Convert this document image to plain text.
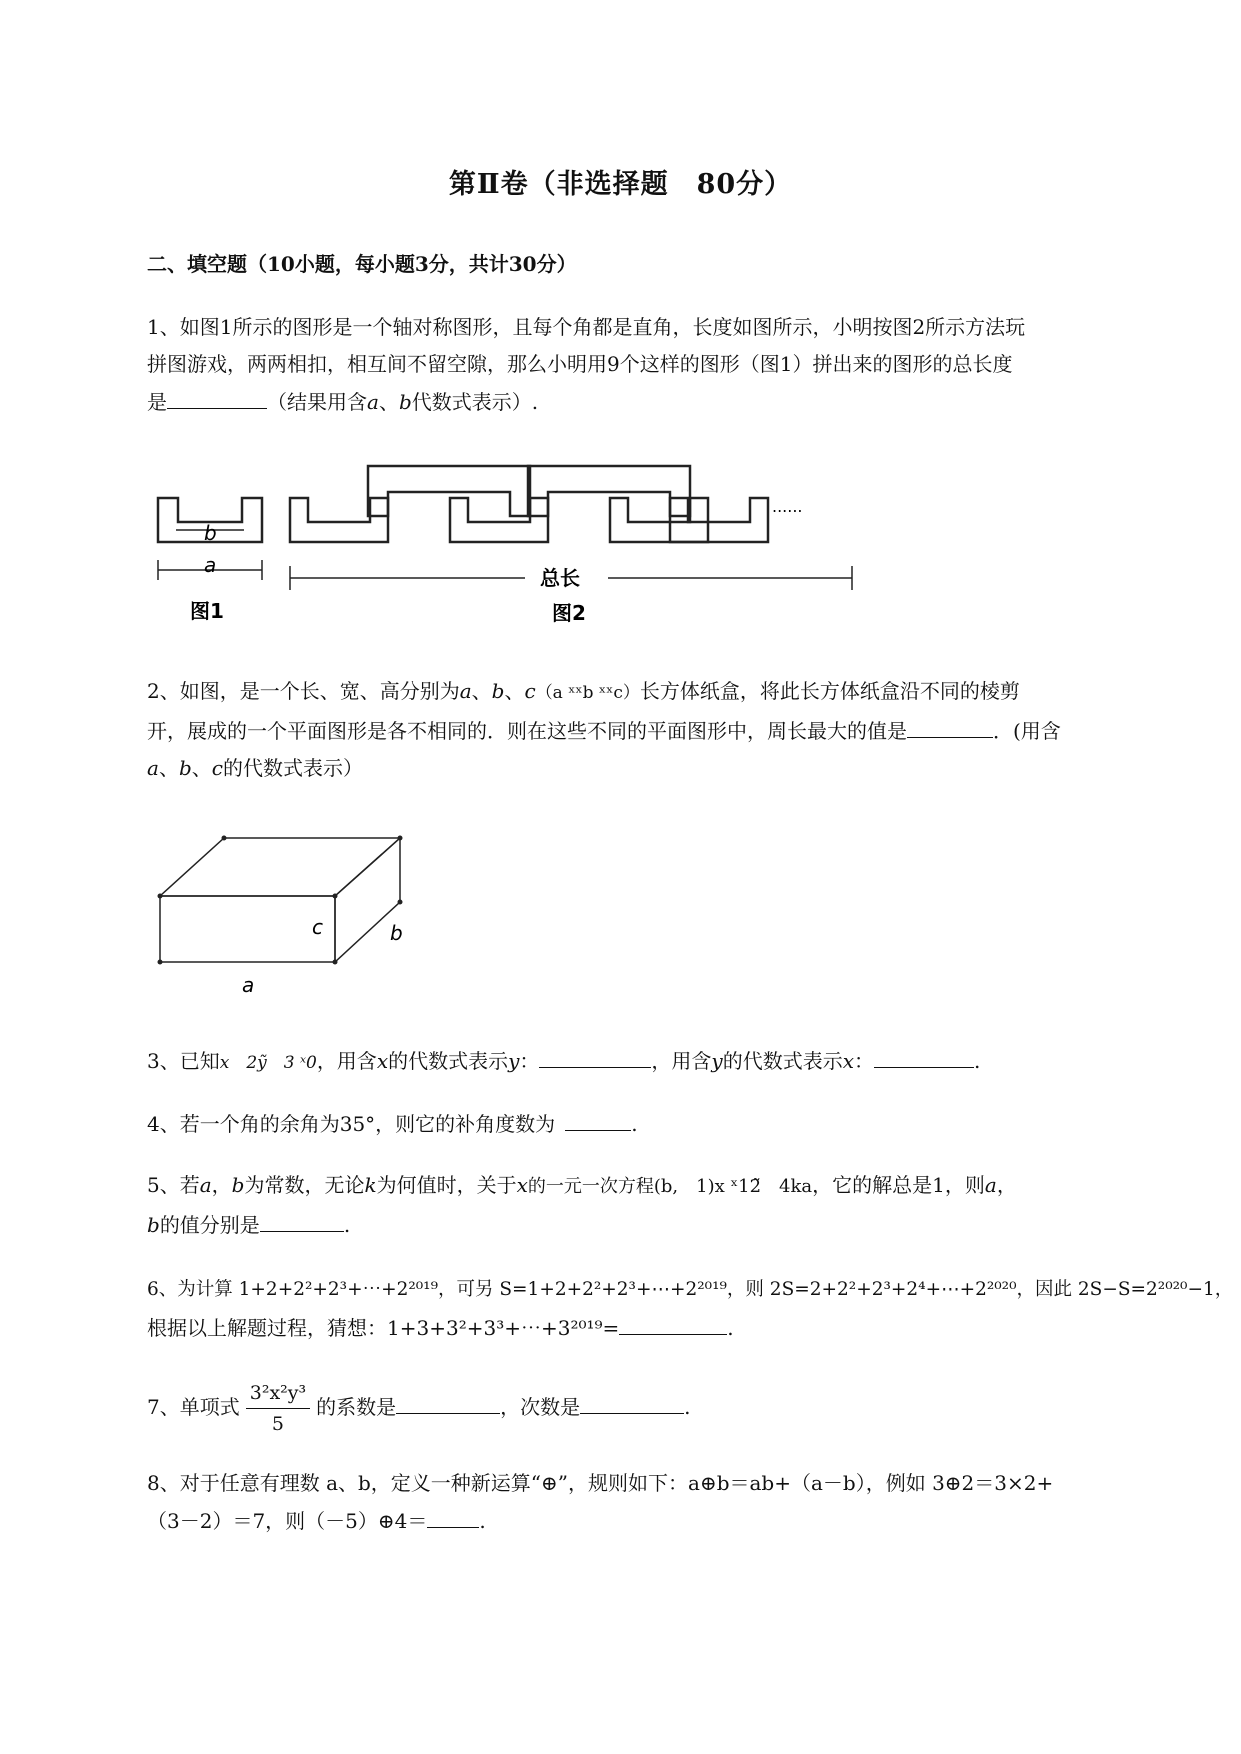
第Ⅱ卷（非选择题　80分）
二、填空题（10小题，每小题3分，共计30分）
1、如图1所示的图形是一个轴对称图形，且每个角都是直角，长度如图所示，小明按图2所示方法玩
拼图游戏，两两相扣，相互间不留空隙，那么小明用9个这样的图形（图1）拼出来的图形的总长度
是	（结果用含a、b代数式表示）.
b
a
图1
总长
图2
......
2、如图，是一个长、宽、高分别为a、b、c（a ˣˣb ˣˣc）长方体纸盒，将此长方体纸盒沿不同的棱剪
开，展成的一个平面图形是各不相同的．则在这些不同的平面图形中，周长最大的值是	．(用含
a、b、c的代数式表示）
c	b
a
3、已知x　2ỹ　3 ˣ0，用含x的代数式表示y：	，用含y的代数式表示x：	.
4、若一个角的余角为35°，则它的补角度数为	.
5、若a，b为常数，无论k为何值时，关于x的一元一次方程(b,　1)x ˣ12̃　4ka，它的解总是1，则a，
b的值分别是	.
6、为计算 1+2+2²+2³+⋯+2²⁰¹⁹，可另 S=1+2+2²+2³+⋯+2²⁰¹⁹，则 2S=2+2²+2³+2⁴+⋯+2²⁰²⁰，因此 2S−S=2²⁰²⁰−1，
根据以上解题过程，猜想：1+3+3²+3³+⋯+3²⁰¹⁹=	.
7、单项式 $\frac{\text{3²x²y³}}{5}$ 的系数是	，次数是	.
8、对于任意有理数 a、b，定义一种新运算“⊕”，规则如下：a⊕b＝ab+（a－b），例如 3⊕2＝3×2+
（3－2）＝7，则（－5）⊕4＝	.
